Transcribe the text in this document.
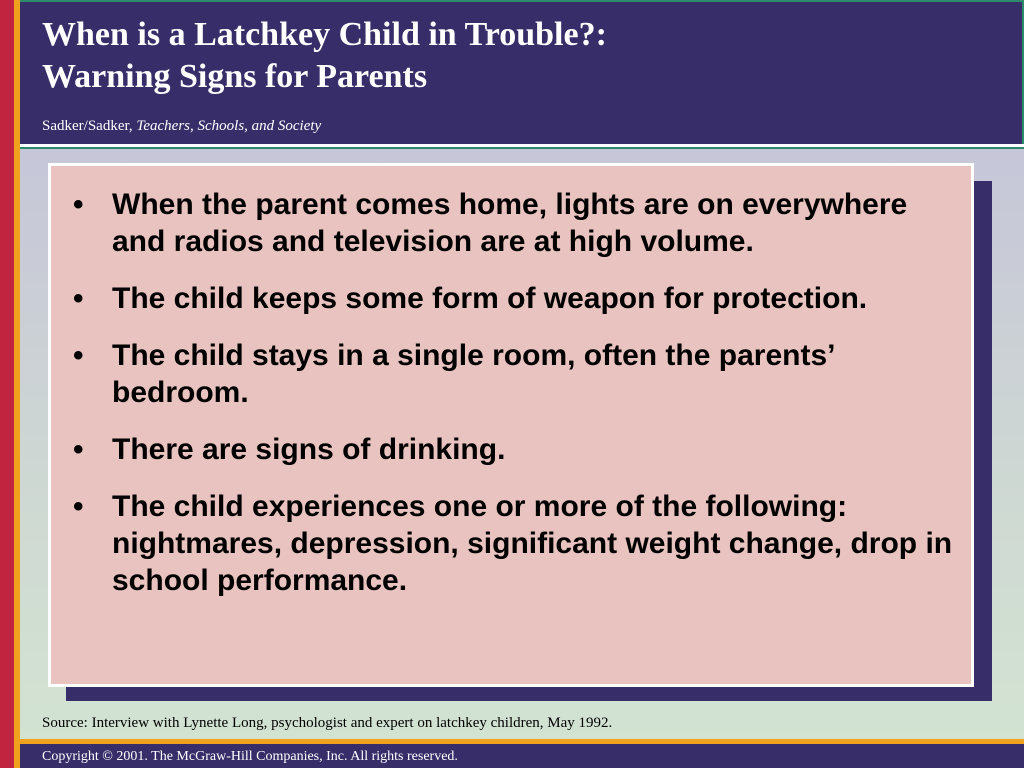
When is a Latchkey Child in Trouble?:
Warning Signs for Parents
Sadker/Sadker, Teachers, Schools, and Society
• When the parent comes home, lights are on everywhere and radios and television are at high volume.
• The child keeps some form of weapon for protection.
• The child stays in a single room, often the parents’ bedroom.
• There are signs of drinking.
• The child experiences one or more of the following: nightmares, depression, significant weight change, drop in school performance.
Source: Interview with Lynette Long, psychologist and expert on latchkey children, May 1992.
Copyright © 2001. The McGraw-Hill Companies, Inc. All rights reserved.
